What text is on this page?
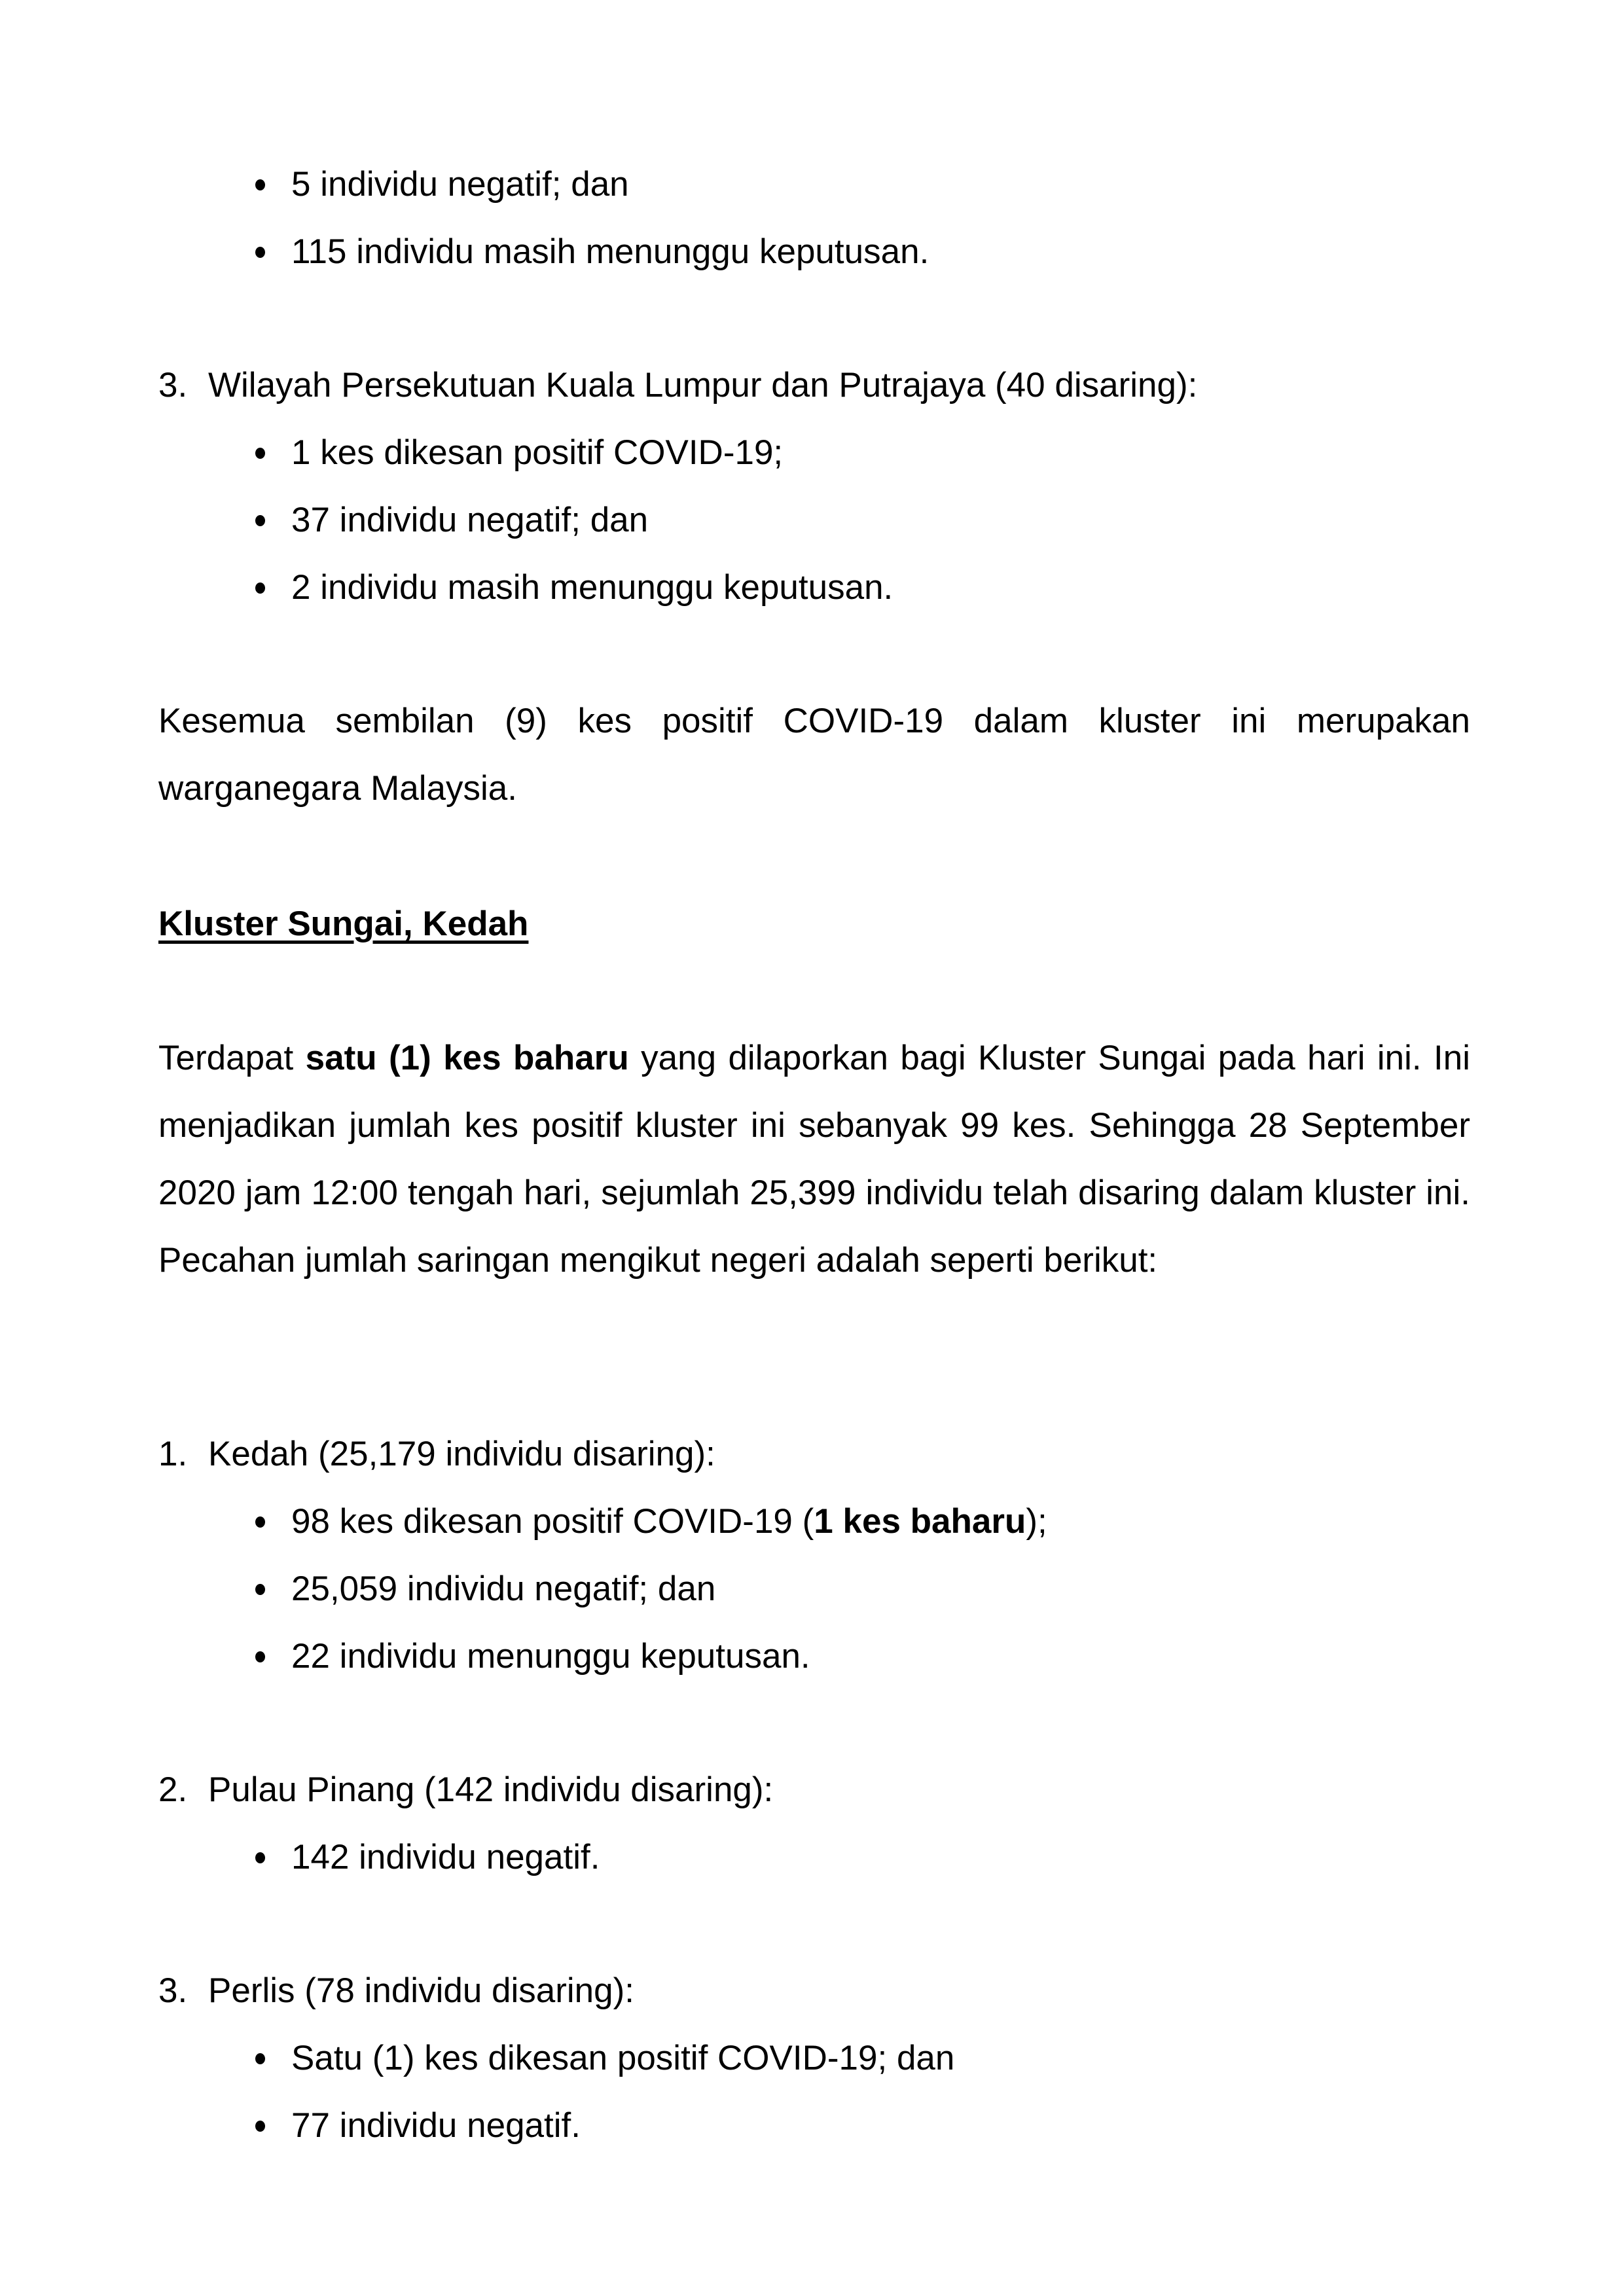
5 individu negatif; dan
115 individu masih menunggu keputusan.
3. Wilayah Persekutuan Kuala Lumpur dan Putrajaya (40 disaring):
1 kes dikesan positif COVID-19;
37 individu negatif; dan
2 individu masih menunggu keputusan.
Kesemua sembilan (9) kes positif COVID-19 dalam kluster ini merupakan warganegara Malaysia.
Kluster Sungai, Kedah
Terdapat satu (1) kes baharu yang dilaporkan bagi Kluster Sungai pada hari ini. Ini menjadikan jumlah kes positif kluster ini sebanyak 99 kes. Sehingga 28 September 2020 jam 12:00 tengah hari, sejumlah 25,399 individu telah disaring dalam kluster ini. Pecahan jumlah saringan mengikut negeri adalah seperti berikut:
1. Kedah (25,179 individu disaring):
98 kes dikesan positif COVID-19 (1 kes baharu);
25,059 individu negatif; dan
22 individu menunggu keputusan.
2. Pulau Pinang (142 individu disaring):
142 individu negatif.
3. Perlis (78 individu disaring):
Satu (1) kes dikesan positif COVID-19; dan
77 individu negatif.
